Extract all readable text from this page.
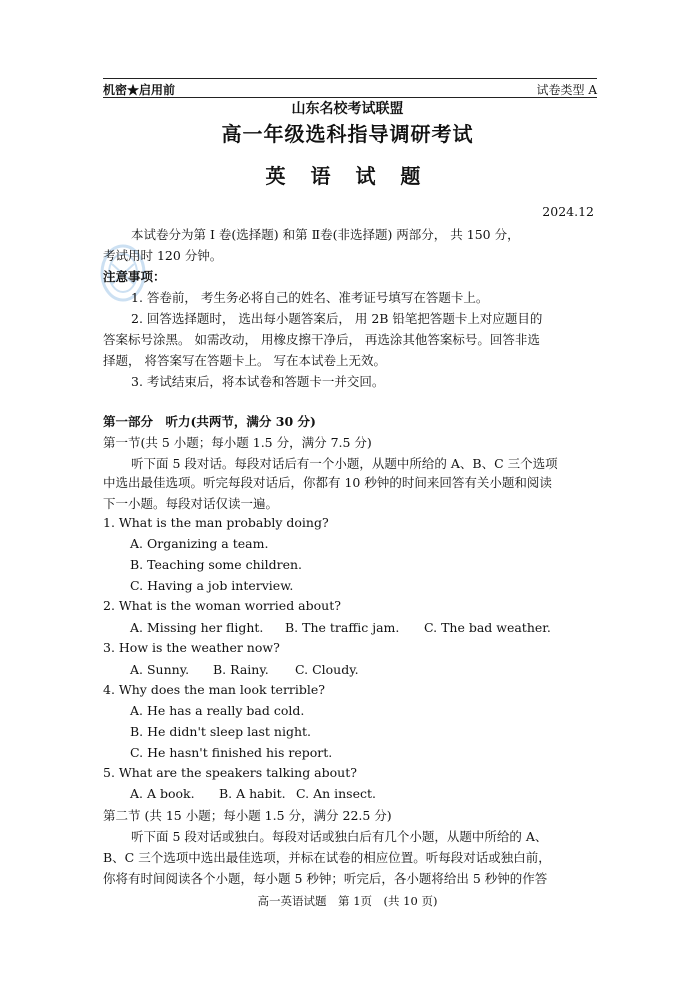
机密★启用前	试卷类型 A
山东名校考试联盟
高一年级选科指导调研考试
英 语 试 题
2024.12
本试卷分为第 Ⅰ 卷(选择题) 和第 Ⅱ卷(非选择题) 两部分， 共 150 分，
考试用时 120 分钟。
注意事项：
1. 答卷前， 考生务必将自己的姓名、准考证号填写在答题卡上。
2. 回答选择题时， 选出每小题答案后， 用 2B 铅笔把答题卡上对应题目的
答案标号涂黑。 如需改动， 用橡皮擦干净后， 再选涂其他答案标号。回答非选
择题， 将答案写在答题卡上。 写在本试卷上无效。
3. 考试结束后，将本试卷和答题卡一并交回。
第一部分　听力(共两节，满分 30 分)
第一节(共 5 小题；每小题 1.5 分，满分 7.5 分)
听下面 5 段对话。每段对话后有一个小题，从题中所给的 A、B、C 三个选项
中选出最佳选项。听完每段对话后，你都有 10 秒钟的时间来回答有关小题和阅读
下一小题。每段对话仅读一遍。
1. What is the man probably doing?
A. Organizing a team.
B. Teaching some children.
C. Having a job interview.
2. What is the woman worried about?
A. Missing her flight. B. The traffic jam. C. The bad weather.
3. How is the weather now?
A. Sunny. B. Rainy. C. Cloudy.
4. Why does the man look terrible?
A. He has a really bad cold.
B. He didn't sleep last night.
C. He hasn't finished his report.
5. What are the speakers talking about?
A. A book. B. A habit. C. An insect.
第二节 (共 15 小题；每小题 1.5 分，满分 22.5 分)
听下面 5 段对话或独白。每段对话或独白后有几个小题，从题中所给的 A、
B、C 三个选项中选出最佳选项，并标在试卷的相应位置。听每段对话或独白前，
你将有时间阅读各个小题，每小题 5 秒钟；听完后，各小题将给出 5 秒钟的作答
高一英语试题　第 1页　(共 10 页)
